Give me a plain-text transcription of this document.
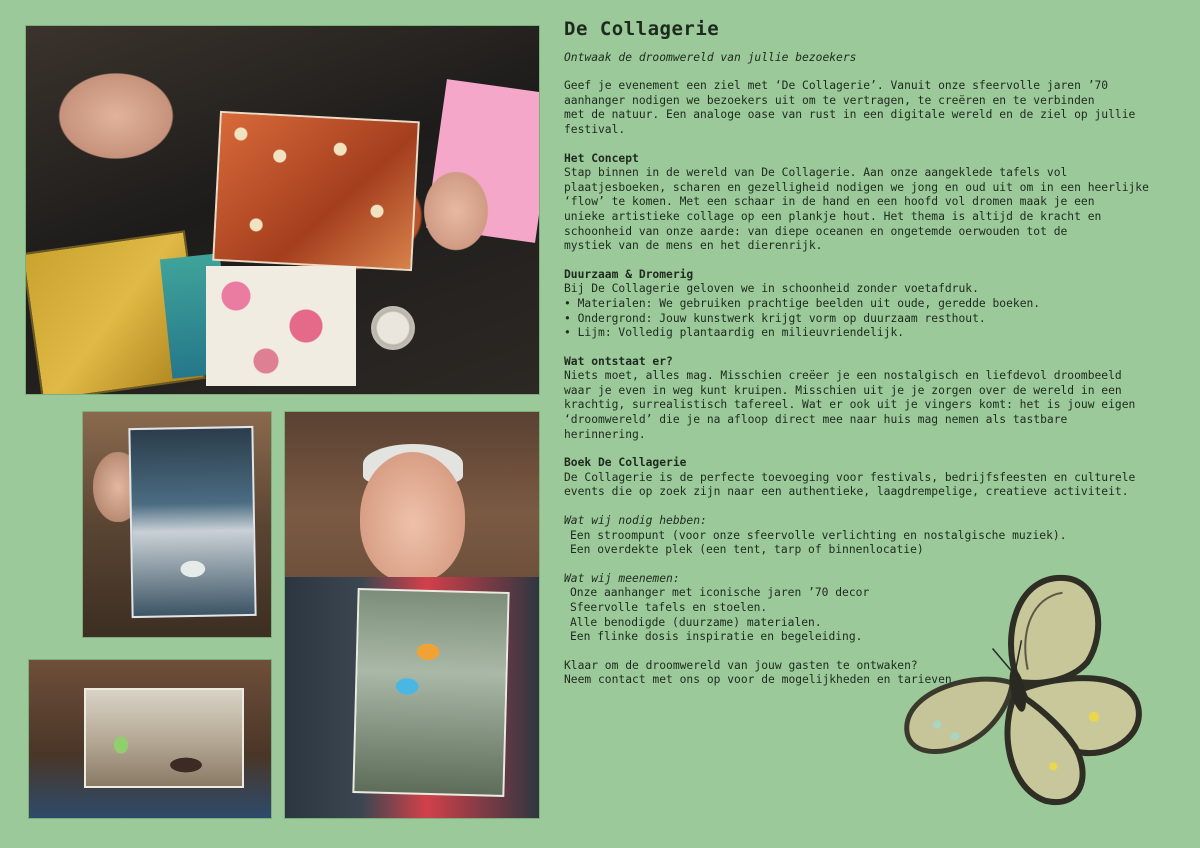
De Collagerie
Ontwaak de droomwereld van jullie bezoekers

Geef je evenement een ziel met ‘De Collagerie’. Vanuit onze sfeervolle jaren ’70
aanhanger nodigen we bezoekers uit om te vertragen, te creëren en te verbinden
met de natuur. Een analoge oase van rust in een digitale wereld en de ziel op jullie
festival.

Het Concept
Stap binnen in de wereld van De Collagerie. Aan onze aangeklede tafels vol
plaatjesboeken, scharen en gezelligheid nodigen we jong en oud uit om in een heerlijke
‘flow’ te komen. Met een schaar in de hand en een hoofd vol dromen maak je een
unieke artistieke collage op een plankje hout. Het thema is altijd de kracht en
schoonheid van onze aarde: van diepe oceanen en ongetemde oerwouden tot de
mystiek van de mens en het dierenrijk.

Duurzaam & Dromerig
Bij De Collagerie geloven we in schoonheid zonder voetafdruk.
• Materialen: We gebruiken prachtige beelden uit oude, geredde boeken.
• Ondergrond: Jouw kunstwerk krijgt vorm op duurzaam resthout.
• Lijm: Volledig plantaardig en milieuvriendelijk.

Wat ontstaat er?
Niets moet, alles mag. Misschien creëer je een nostalgisch en liefdevol droombeeld
waar je even in weg kunt kruipen. Misschien uit je je zorgen over de wereld in een
krachtig, surrealistisch tafereel. Wat er ook uit je vingers komt: het is jouw eigen
‘droomwereld’ die je na afloop direct mee naar huis mag nemen als tastbare
herinnering.

Boek De Collagerie
De Collagerie is de perfecte toevoeging voor festivals, bedrijfsfeesten en culturele
events die op zoek zijn naar een authentieke, laagdrempelige, creatieve activiteit.

Wat wij nodig hebben:
Een stroompunt (voor onze sfeervolle verlichting en nostalgische muziek).
Een overdekte plek (een tent, tarp of binnenlocatie)
Wat wij meenemen:
Onze aanhanger met iconische jaren ’70 decor
Sfeervolle tafels en stoelen.
Alle benodigde (duurzame) materialen.
Een flinke dosis inspiratie en begeleiding.

Klaar om de droomwereld van jouw gasten te ontwaken?
Neem contact met ons op voor de mogelijkheden en tarieven.
